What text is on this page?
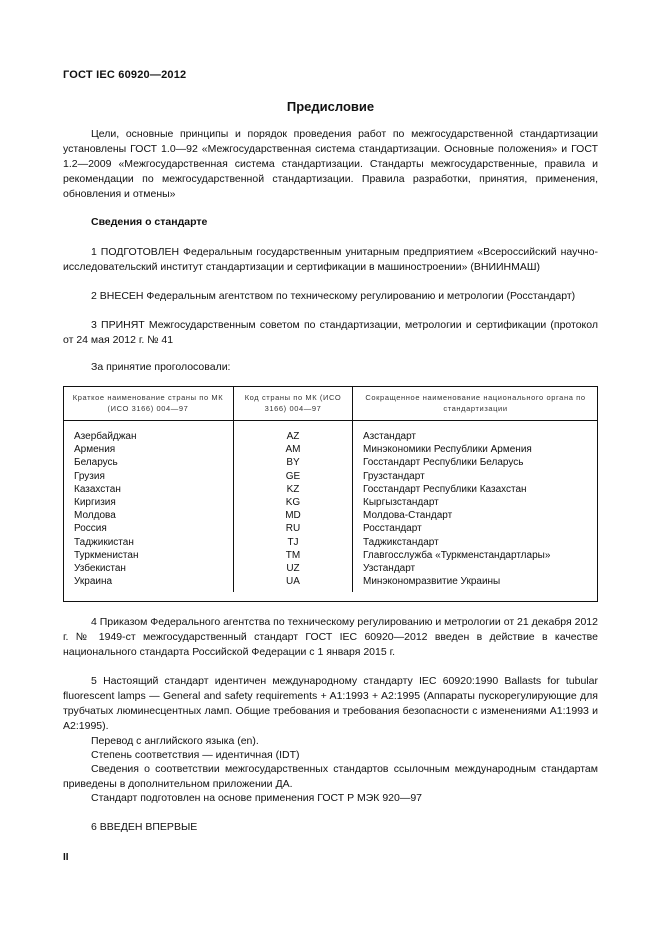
ГОСТ IEC 60920—2012
Предисловие
Цели, основные принципы и порядок проведения работ по межгосударственной стандартизации установлены ГОСТ 1.0—92 «Межгосударственная система стандартизации. Основные положения» и ГОСТ 1.2—2009 «Межгосударственная система стандартизации. Стандарты межгосударственные, правила и рекомендации по межгосударственной стандартизации. Правила разработки, принятия, применения, обновления и отмены»
Сведения о стандарте
1 ПОДГОТОВЛЕН Федеральным государственным унитарным предприятием «Всероссийский научно-исследовательский институт стандартизации и сертификации в машиностроении» (ВНИИНМАШ)
2 ВНЕСЕН Федеральным агентством по техническому регулированию и метрологии (Росстандарт)
3 ПРИНЯТ Межгосударственным советом по стандартизации, метрологии и сертификации (протокол от 24 мая 2012 г. № 41
За принятие проголосовали:
Краткое наименование страны по МК (ИСО 3166) 004—97	Код страны по МК (ИСО 3166) 004—97	Сокращенное наименование национального органа по стандартизации
Азербайджан	AZ	Азстандарт
Армения	AM	Минэкономики Республики Армения
Беларусь	BY	Госстандарт Республики Беларусь
Грузия	GE	Грузстандарт
Казахстан	KZ	Госстандарт Республики Казахстан
Киргизия	KG	Кыргызстандарт
Молдова	MD	Молдова-Стандарт
Россия	RU	Росстандарт
Таджикистан	TJ	Таджикстандарт
Туркменистан	TM	Главгосслужба «Туркменстандартлары»
Узбекистан	UZ	Узстандарт
Украина	UA	Минэкономразвитие Украины
4 Приказом Федерального агентства по техническому регулированию и метрологии от 21 декабря 2012 г. № 1949-ст межгосударственный стандарт ГОСТ IEC 60920—2012 введен в действие в качестве национального стандарта Российской Федерации с 1 января 2015 г.
5 Настоящий стандарт идентичен международному стандарту IEC 60920:1990 Ballasts for tubular fluorescent lamps — General and safety requirements + A1:1993 + A2:1995 (Аппараты пускорегулирующие для трубчатых люминесцентных ламп. Общие требования и требования безопасности с изменениями A1:1993 и A2:1995).
Перевод с английского языка (en).
Степень соответствия — идентичная (IDT)
Сведения о соответствии межгосударственных стандартов ссылочным международным стандартам приведены в дополнительном приложении ДА.
Стандарт подготовлен на основе применения ГОСТ Р МЭК 920—97
6 ВВЕДЕН ВПЕРВЫЕ
II
